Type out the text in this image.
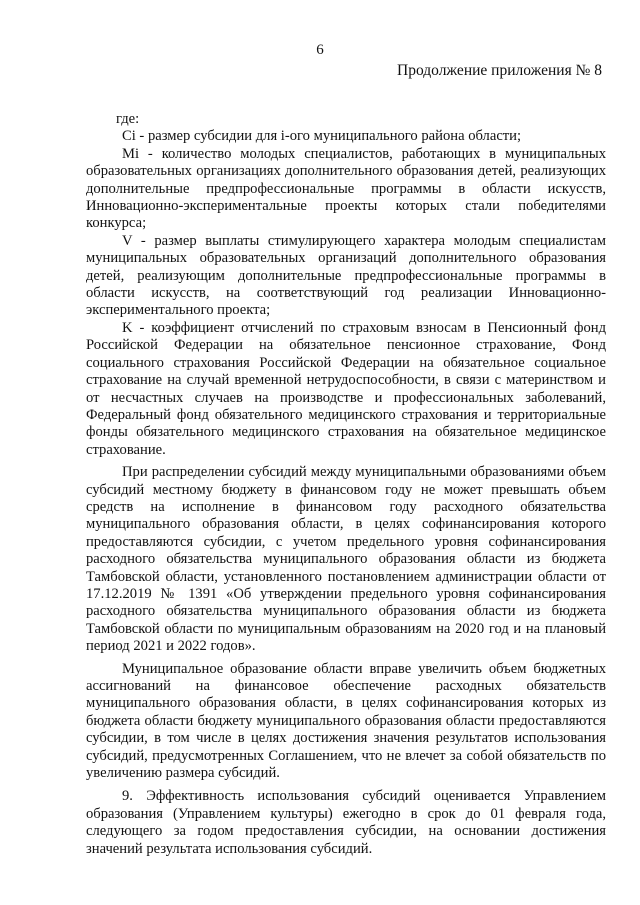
6
Продолжение приложения № 8

где:

Ci - размер субсидии для i-ого муниципального района области;

Mi - количество молодых специалистов, работающих в муниципальных образовательных организациях дополнительного образования детей, реализующих дополнительные предпрофессиональные программы в области искусств, Инновационно-экспериментальные проекты которых стали победителями конкурса;

V - размер выплаты стимулирующего характера молодым специалистам муниципальных образовательных организаций дополнительного образования детей, реализующим дополнительные предпрофессиональные программы в области искусств, на соответствующий год реализации Инновационно-экспериментального проекта;

K - коэффициент отчислений по страховым взносам в Пенсионный фонд Российской Федерации на обязательное пенсионное страхование, Фонд социального страхования Российской Федерации на обязательное социальное страхование на случай временной нетрудоспособности, в связи с материнством и от несчастных случаев на производстве и профессиональных заболеваний, Федеральный фонд обязательного медицинского страхования и территориальные фонды обязательного медицинского страхования на обязательное медицинское страхование.

При распределении субсидий между муниципальными образованиями объем субсидий местному бюджету в финансовом году не может превышать объем средств на исполнение в финансовом году расходного обязательства муниципального образования области, в целях софинансирования которого предоставляются субсидии, с учетом предельного уровня софинансирования расходного обязательства муниципального образования области из бюджета Тамбовской области, установленного постановлением администрации области от 17.12.2019 № 1391 «Об утверждении предельного уровня софинансирования расходного обязательства муниципального образования области из бюджета Тамбовской области по муниципальным образованиям на 2020 год и на плановый период 2021 и 2022 годов».

Муниципальное образование области вправе увеличить объем бюджетных ассигнований на финансовое обеспечение расходных обязательств муниципального образования области, в целях софинансирования которых из бюджета области бюджету муниципального образования области предоставляются субсидии, в том числе в целях достижения значения результатов использования субсидий, предусмотренных Соглашением, что не влечет за собой обязательств по увеличению размера субсидий.

9. Эффективность использования субсидий оценивается Управлением образования (Управлением культуры) ежегодно в срок до 01 февраля года, следующего за годом предоставления субсидии, на основании достижения значений результата использования субсидий.
